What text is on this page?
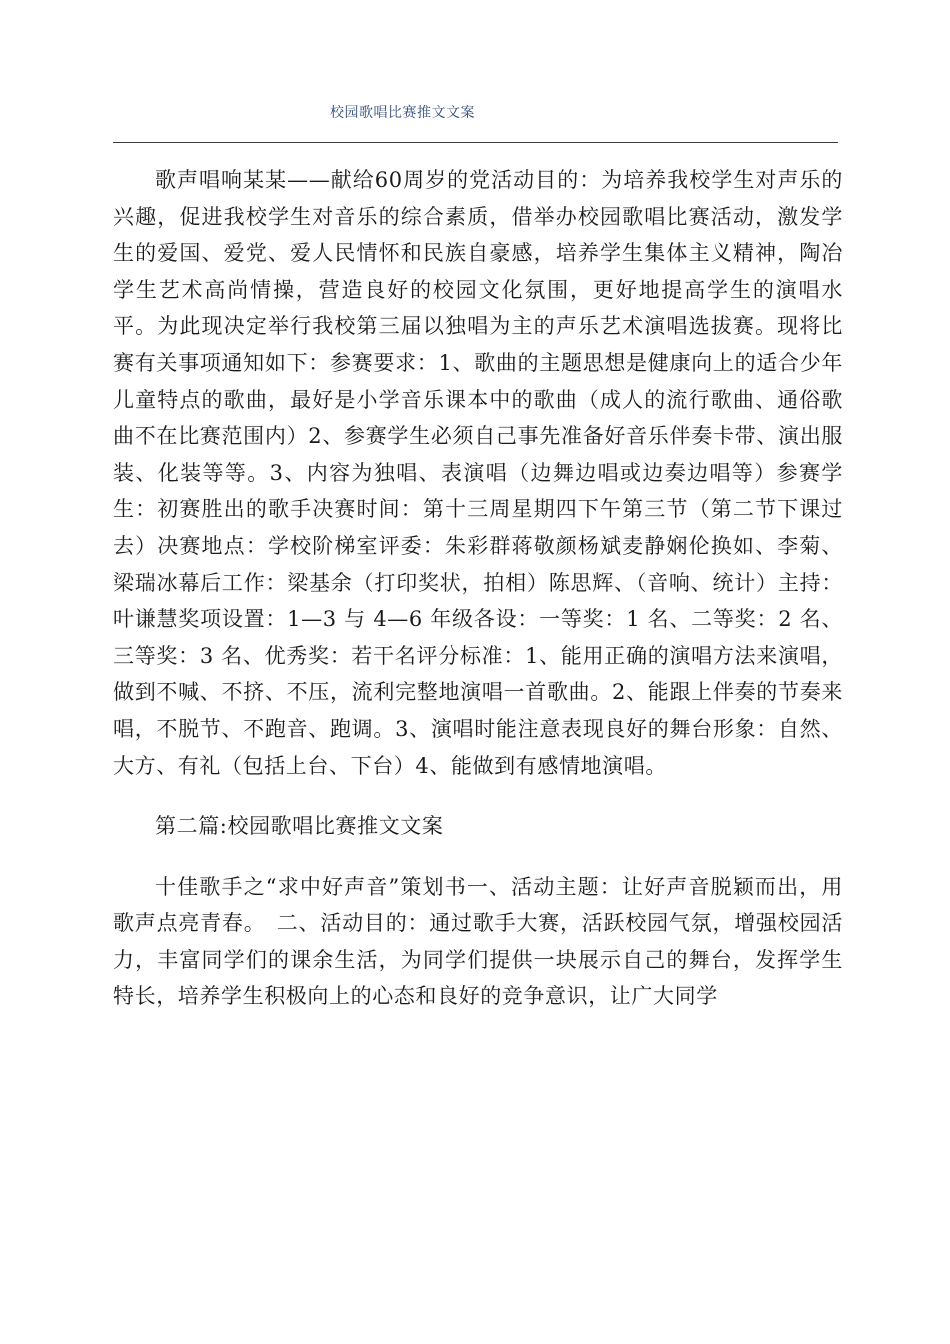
校园歌唱比赛推文文案

歌声唱响某某——献给60周岁的党活动目的：为培养我校学生对声乐的兴趣，促进我校学生对音乐的综合素质，借举办校园歌唱比赛活动，激发学生的爱国、爱党、爱人民情怀和民族自豪感，培养学生集体主义精神，陶冶学生艺术高尚情操，营造良好的校园文化氛围，更好地提高学生的演唱水平。为此现决定举行我校第三届以独唱为主的声乐艺术演唱选拔赛。现将比赛有关事项通知如下：参赛要求：1、歌曲的主题思想是健康向上的适合少年儿童特点的歌曲，最好是小学音乐课本中的歌曲（成人的流行歌曲、通俗歌曲不在比赛范围内）2、参赛学生必须自己事先准备好音乐伴奏卡带、演出服装、化装等等。3、内容为独唱、表演唱（边舞边唱或边奏边唱等）参赛学生：初赛胜出的歌手决赛时间：第十三周星期四下午第三节（第二节下课过去）决赛地点：学校阶梯室评委：朱彩群蒋敬颜杨斌麦静娴伦换如、李菊、梁瑞冰幕后工作：梁基余（打印奖状，拍相）陈思辉、（音响、统计）主持：叶谦慧奖项设置：1—3 与 4—6 年级各设：一等奖：1 名、二等奖：2 名、三等奖：3 名、优秀奖：若干名评分标准：1、能用正确的演唱方法来演唱，做到不喊、不挤、不压，流利完整地演唱一首歌曲。2、能跟上伴奏的节奏来唱，不脱节、不跑音、跑调。3、演唱时能注意表现良好的舞台形象：自然、大方、有礼（包括上台、下台）4、能做到有感情地演唱。

第二篇:校园歌唱比赛推文文案

十佳歌手之“求中好声音”策划书一、活动主题：让好声音脱颖而出，用歌声点亮青春。　二、活动目的：通过歌手大赛，活跃校园气氛，增强校园活力，丰富同学们的课余生活，为同学们提供一块展示自己的舞台，发挥学生特长，培养学生积极向上的心态和良好的竞争意识，让广大同学
